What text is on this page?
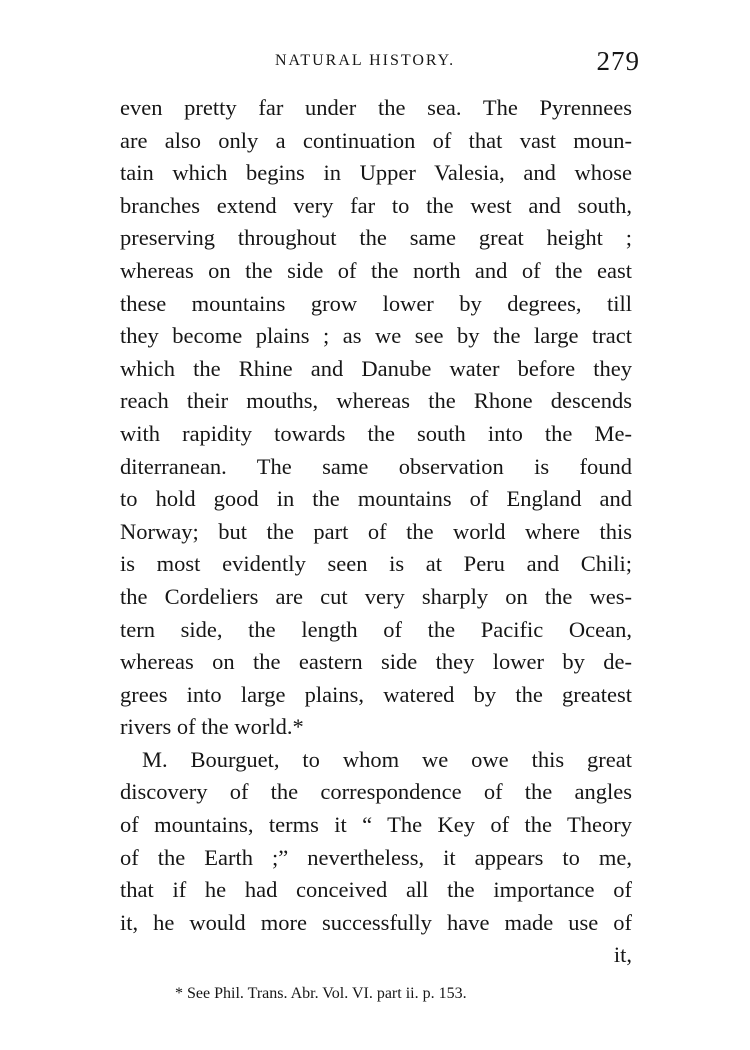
NATURAL HISTORY.	279
even pretty far under the sea. The Pyrennees
are also only a continuation of that vast moun-
tain which begins in Upper Valesia, and whose
branches extend very far to the west and south,
preserving throughout the same great height ;
whereas on the side of the north and of the east
these mountains grow lower by degrees, till
they become plains ; as we see by the large tract
which the Rhine and Danube water before they
reach their mouths, whereas the Rhone descends
with rapidity towards the south into the Me-
diterranean. The same observation is found
to hold good in the mountains of England and
Norway; but the part of the world where this
is most evidently seen is at Peru and Chili;
the Cordeliers are cut very sharply on the wes-
tern side, the length of the Pacific Ocean,
whereas on the eastern side they lower by de-
grees into large plains, watered by the greatest
rivers of the world.*
M. Bourguet, to whom we owe this great
discovery of the correspondence of the angles
of mountains, terms it “ The Key of the Theory
of the Earth ;” nevertheless, it appears to me,
that if he had conceived all the importance of
it, he would more successfully have made use of
it,
* See Phil. Trans. Abr. Vol. VI. part ii. p. 153.
